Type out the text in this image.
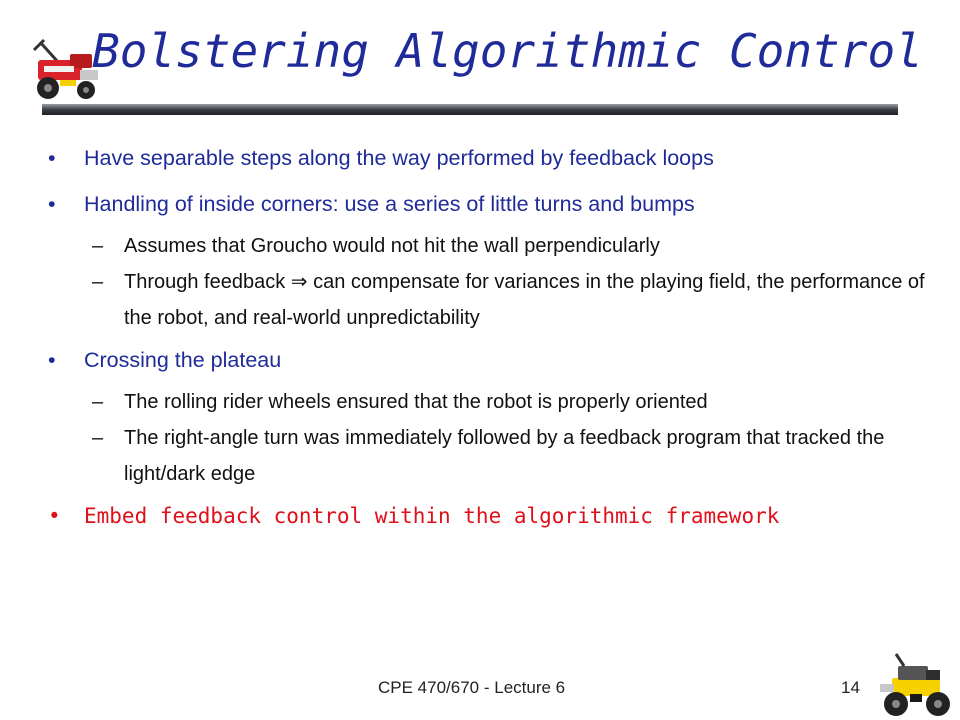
Bolstering Algorithmic Control
• Have separable steps along the way performed by feedback loops
• Handling of inside corners: use a series of little turns and bumps
– Assumes that Groucho would not hit the wall perpendicularly
– Through feedback ⇒ can compensate for variances in the playing field, the performance of the robot, and real-world unpredictability
• Crossing the plateau
– The rolling rider wheels ensured that the robot is properly oriented
– The right-angle turn was immediately followed by a feedback program that tracked the light/dark edge
• Embed feedback control within the algorithmic framework
CPE 470/670 - Lecture 6	14
